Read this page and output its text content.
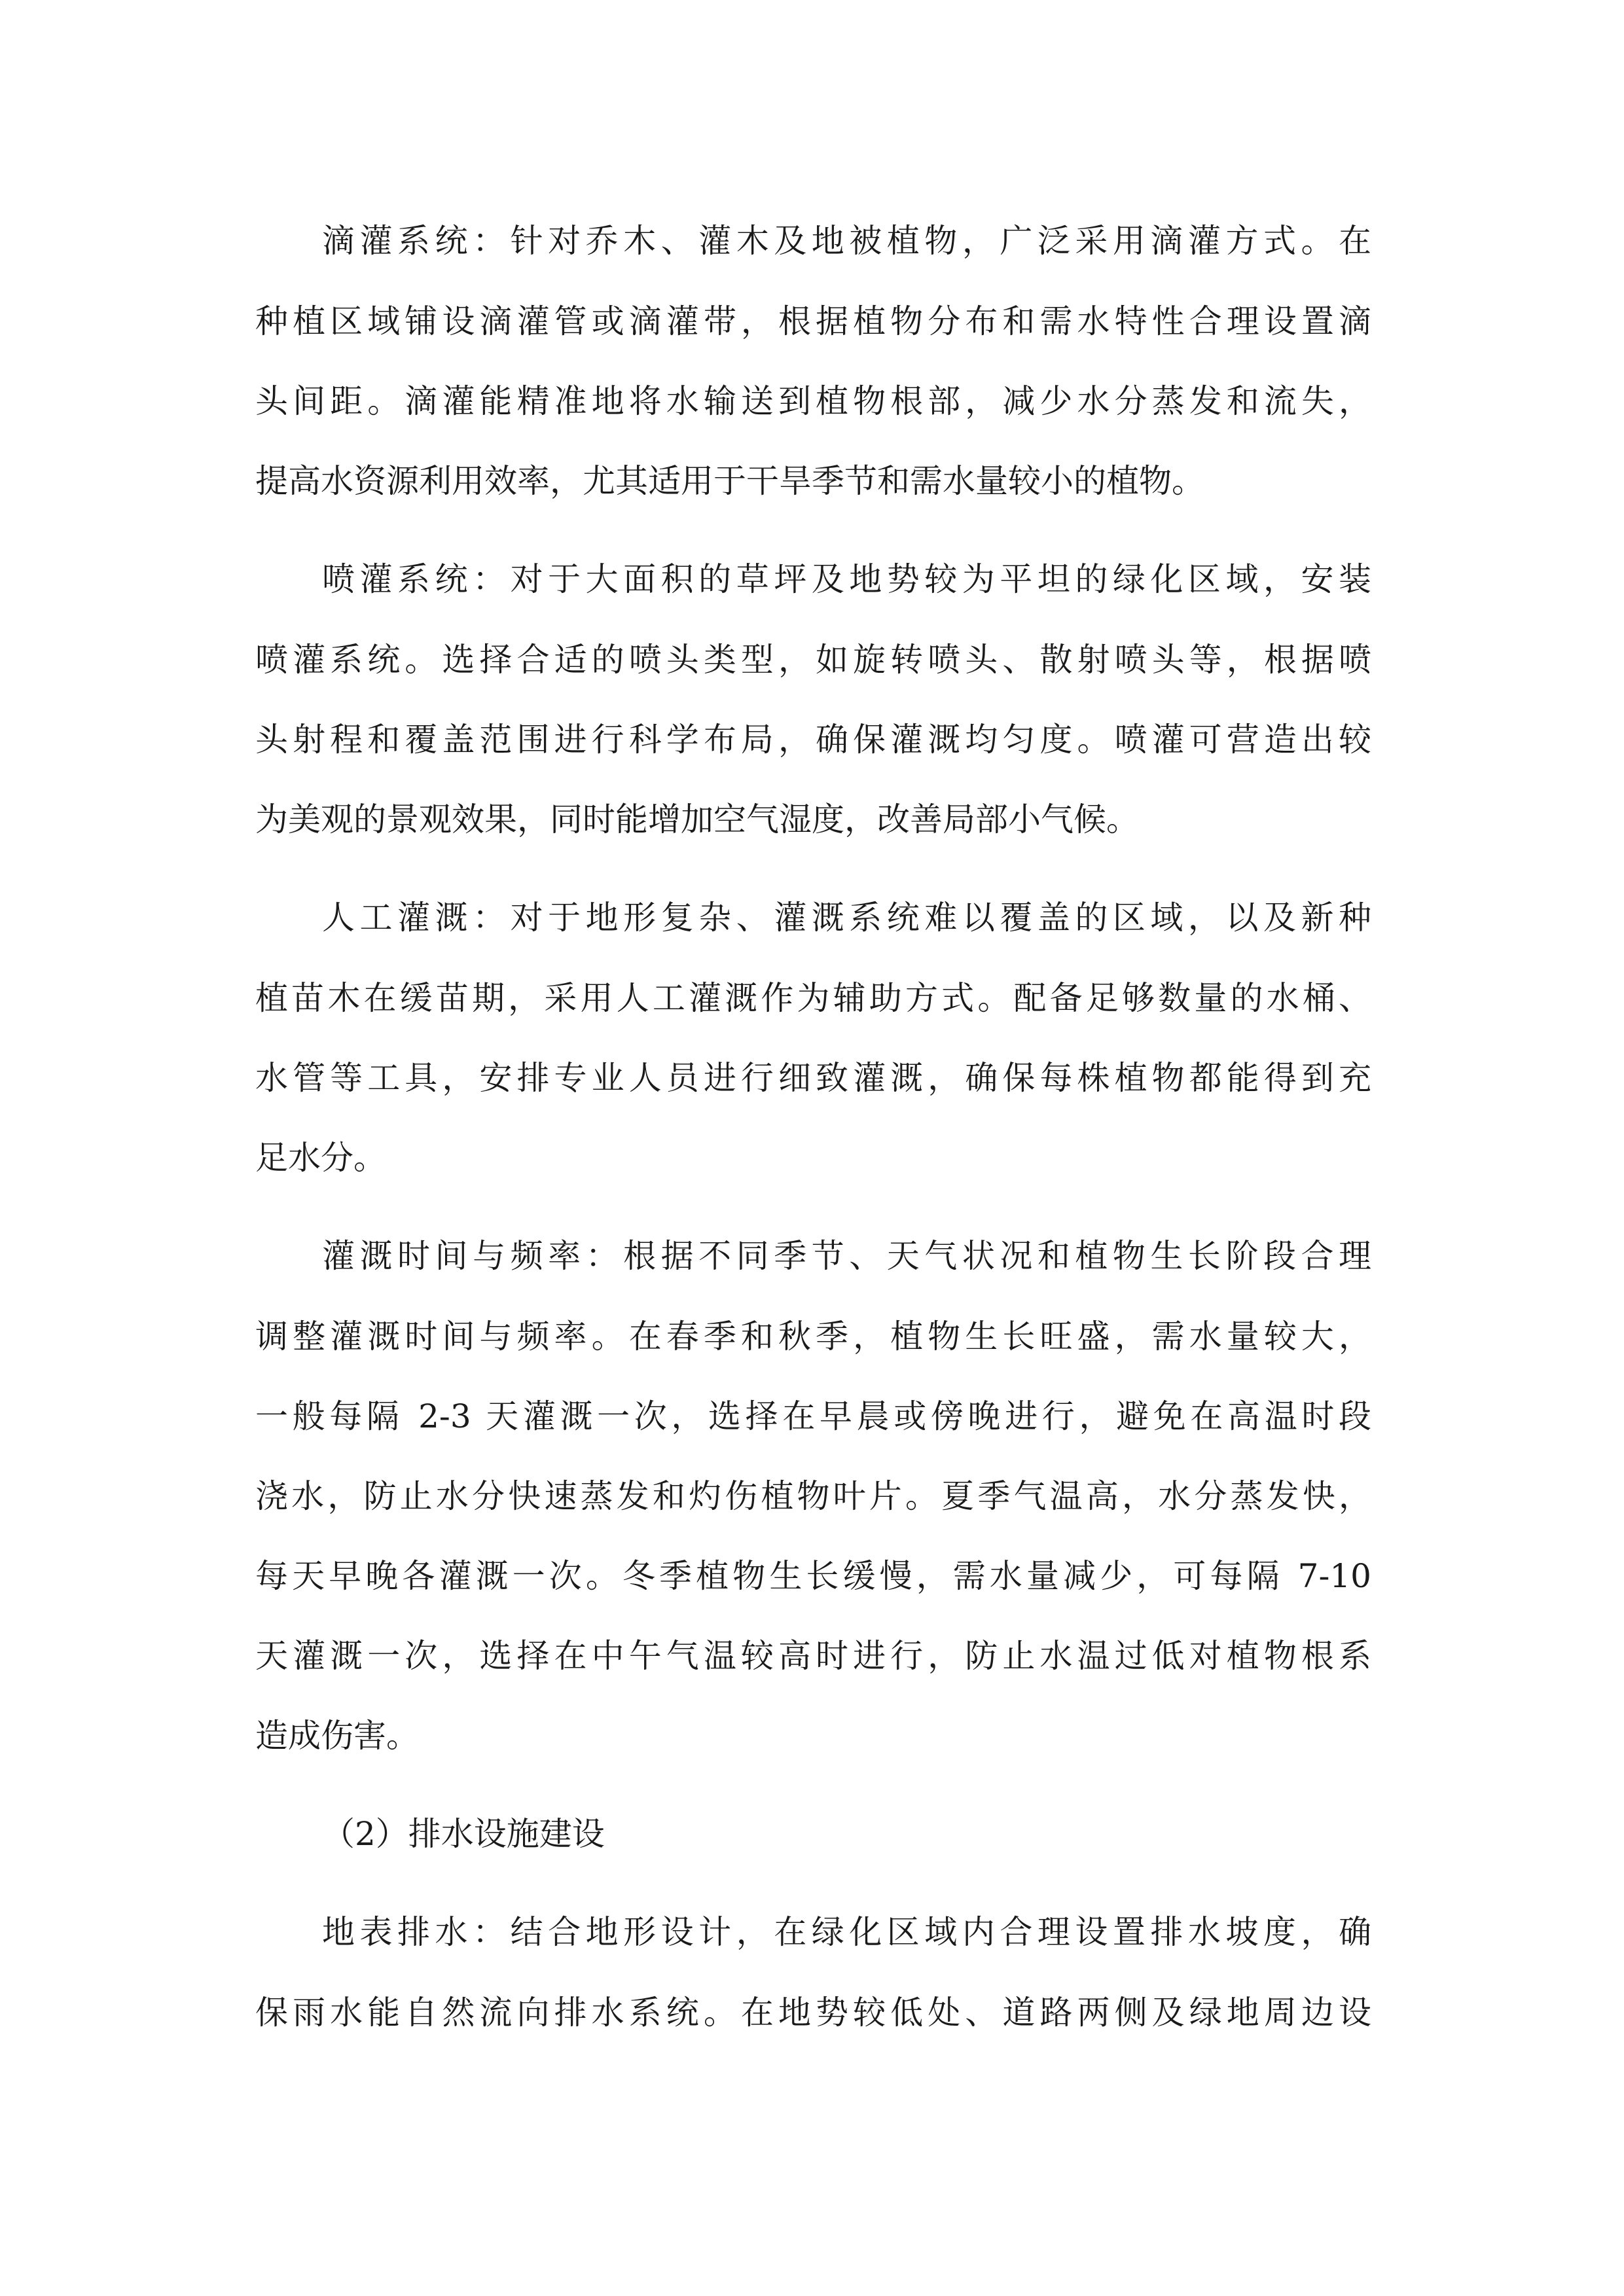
滴灌系统：针对乔木、灌木及地被植物，广泛采用滴灌方式。在
种植区域铺设滴灌管或滴灌带，根据植物分布和需水特性合理设置滴
头间距。滴灌能精准地将水输送到植物根部，减少水分蒸发和流失，
提高水资源利用效率，尤其适用于干旱季节和需水量较小的植物。
喷灌系统：对于大面积的草坪及地势较为平坦的绿化区域，安装
喷灌系统。选择合适的喷头类型，如旋转喷头、散射喷头等，根据喷
头射程和覆盖范围进行科学布局，确保灌溉均匀度。喷灌可营造出较
为美观的景观效果，同时能增加空气湿度，改善局部小气候。
人工灌溉：对于地形复杂、灌溉系统难以覆盖的区域，以及新种
植苗木在缓苗期，采用人工灌溉作为辅助方式。配备足够数量的水桶、
水管等工具，安排专业人员进行细致灌溉，确保每株植物都能得到充
足水分。
灌溉时间与频率：根据不同季节、天气状况和植物生长阶段合理
调整灌溉时间与频率。在春季和秋季，植物生长旺盛，需水量较大，
一般每隔 2-3 天灌溉一次，选择在早晨或傍晚进行，避免在高温时段
浇水，防止水分快速蒸发和灼伤植物叶片。夏季气温高，水分蒸发快，
每天早晚各灌溉一次。冬季植物生长缓慢，需水量减少，可每隔 7-10
天灌溉一次，选择在中午气温较高时进行，防止水温过低对植物根系
造成伤害。
（2）排水设施建设
地表排水：结合地形设计，在绿化区域内合理设置排水坡度，确
保雨水能自然流向排水系统。在地势较低处、道路两侧及绿地周边设
